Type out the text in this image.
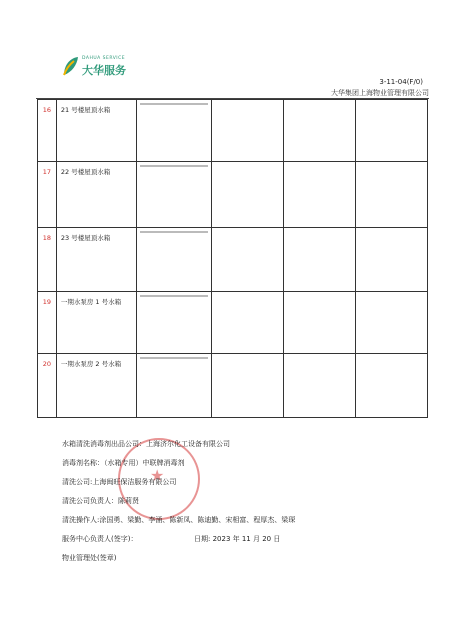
DAHUA SERVICE
大华服务
3-11-04(F/0)
大华集团上海物业管理有限公司
16	21 号楼屋顶水箱	

17	22 号楼屋顶水箱	

18	23 号楼屋顶水箱	

19	一期水泵房 1 号水箱	

20	一期水泵房 2 号水箱	

★
水箱清洗消毒剂出品公司：上海济尔化工设备有限公司
消毒剂名称：（水箱专用）中联牌消毒剂
清洗公司:上海闽旺保洁服务有限公司
清洗公司负责人：陈莉贤
清洗操作人:涂国勇、梁勤、李涌、陈新凤、陈迪勤、宋相富、程厚杰、梁琛
服务中心负责人(签字)：	日期: 2023 年 11 月 20 日
物业管理处(签章)
